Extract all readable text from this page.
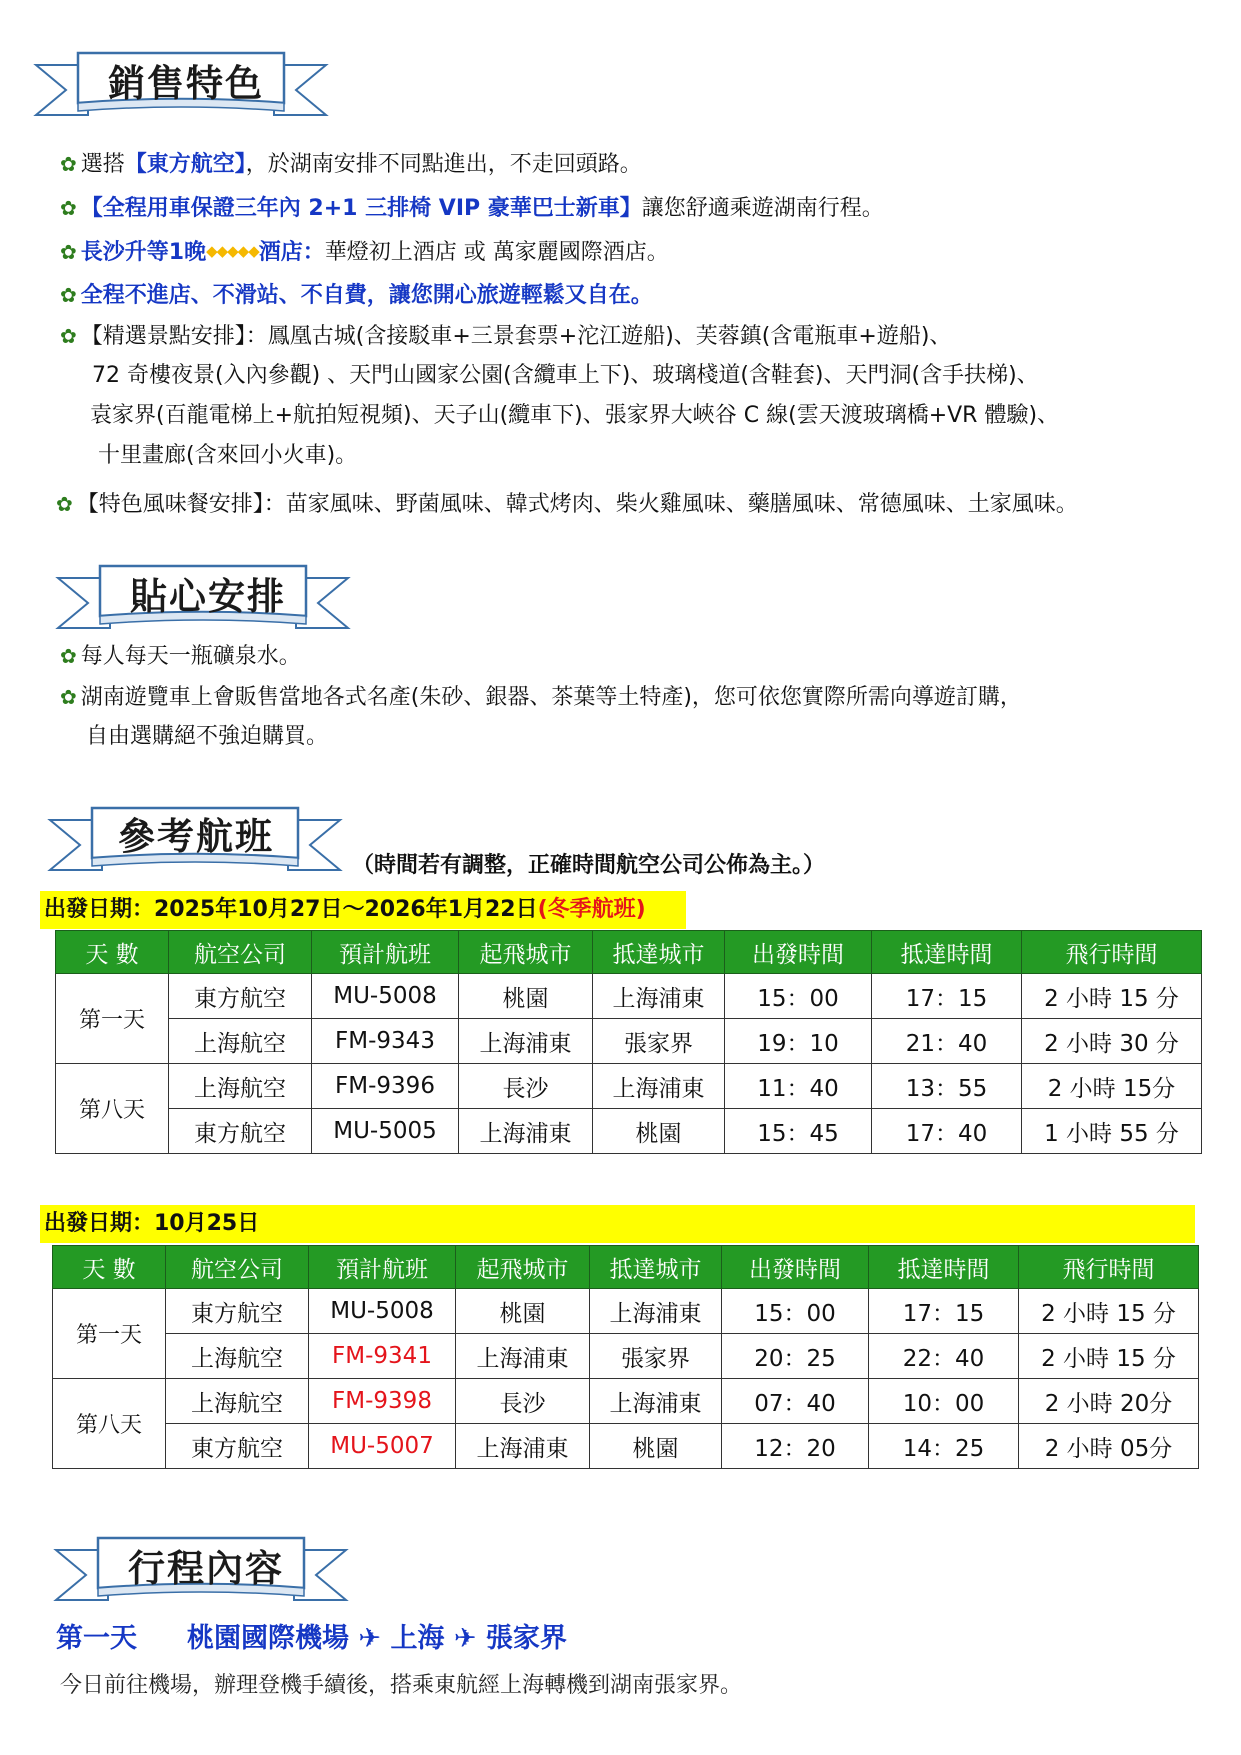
銷售特色
✿ 選搭【東方航空】，於湖南安排不同點進出，不走回頭路。
✿ 【全程用車保證三年內 2+1 三排椅 VIP 豪華巴士新車】讓您舒適乘遊湖南行程。
✿ 長沙升等1晚◆◆◆◆◆酒店：華燈初上酒店 或 萬家麗國際酒店。
✿ 全程不進店、不滑站、不自費，讓您開心旅遊輕鬆又自在。
✿ 【精選景點安排】：鳳凰古城(含接駁車+三景套票+沱江遊船)、芙蓉鎮(含電瓶車+遊船)、
72 奇樓夜景(入內參觀) 、天門山國家公園(含纜車上下)、玻璃棧道(含鞋套)、天門洞(含手扶梯)、
袁家界(百龍電梯上+航拍短視頻)、天子山(纜車下)、張家界大峽谷 C 線(雲天渡玻璃橋+VR 體驗)、
十里畫廊(含來回小火車)。
✿ 【特色風味餐安排】：苗家風味、野菌風味、韓式烤肉、柴火雞風味、藥膳風味、常德風味、土家風味。
貼心安排
✿ 每人每天一瓶礦泉水。
✿ 湖南遊覽車上會販售當地各式名產(朱砂、銀器、茶葉等土特產)，您可依您實際所需向導遊訂購，
自由選購絕不強迫購買。
參考航班
（時間若有調整，正確時間航空公司公佈為主。）
出發日期：2025年10月27日～2026年1月22日(冬季航班)
天 數	航空公司	預計航班	起飛城市	抵達城市	出發時間	抵達時間	飛行時間
第一天	東方航空	MU-5008	桃園	上海浦東	15：00	17：15	2 小時 15 分
	上海航空	FM-9343	上海浦東	張家界	19：10	21：40	2 小時 30 分
第八天	上海航空	FM-9396	長沙	上海浦東	11：40	13：55	2 小時 15分
	東方航空	MU-5005	上海浦東	桃園	15：45	17：40	1 小時 55 分
出發日期：10月25日
天 數	航空公司	預計航班	起飛城市	抵達城市	出發時間	抵達時間	飛行時間
第一天	東方航空	MU-5008	桃園	上海浦東	15：00	17：15	2 小時 15 分
	上海航空	FM-9341	上海浦東	張家界	20：25	22：40	2 小時 15 分
第八天	上海航空	FM-9398	長沙	上海浦東	07：40	10：00	2 小時 20分
	東方航空	MU-5007	上海浦東	桃園	12：20	14：25	2 小時 05分
行程內容
第一天 桃園國際機場 ✈ 上海 ✈ 張家界
今日前往機場，辦理登機手續後，搭乘東航經上海轉機到湖南張家界。
